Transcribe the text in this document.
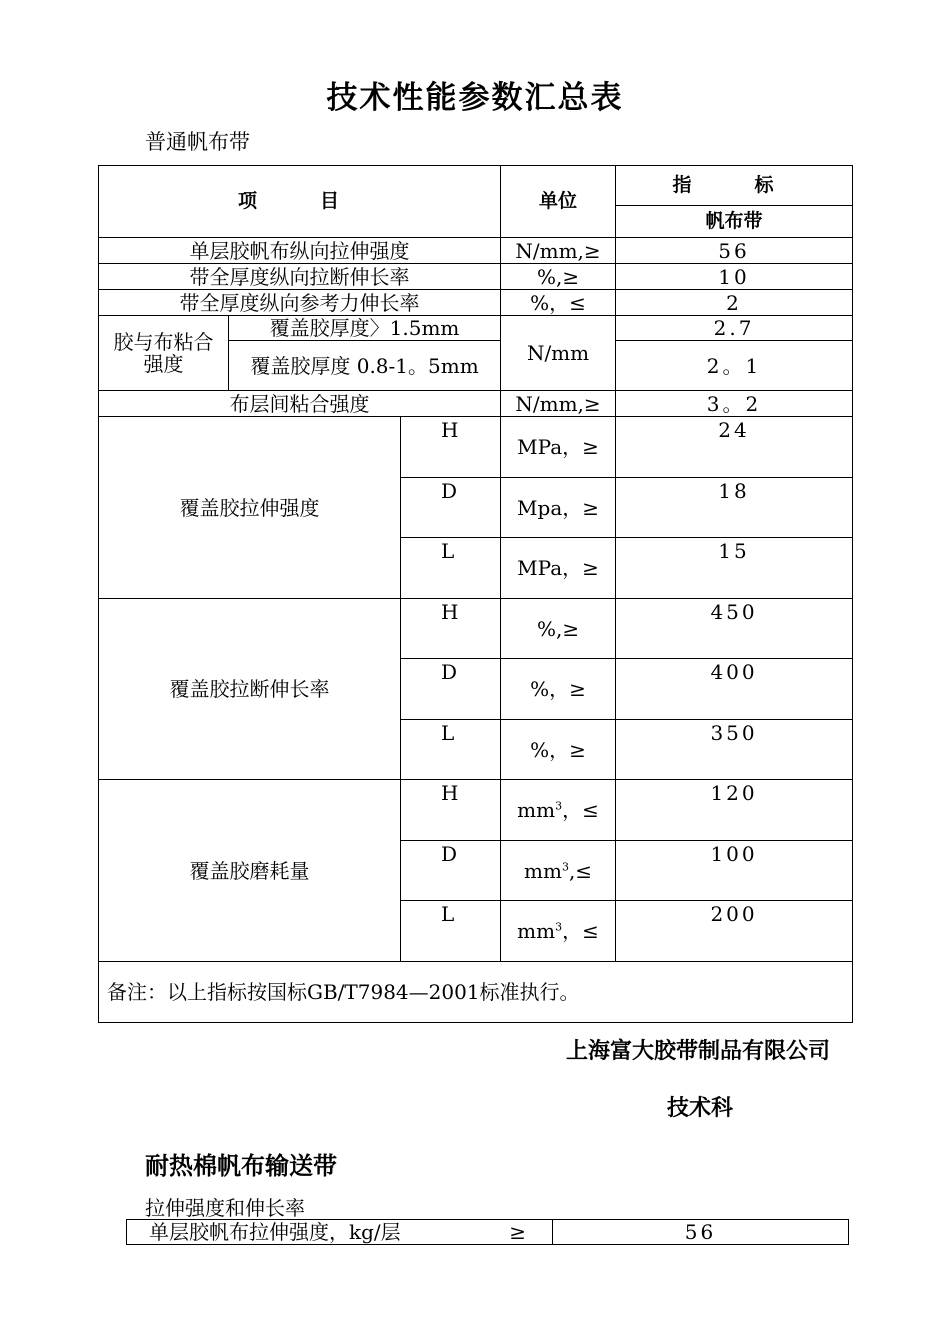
技术性能参数汇总表
普通帆布带
项　目			单位	指　标
				帆布带
单层胶帆布纵向拉伸强度			N/mm,≥	56
带全厚度纵向拉断伸长率			%,≥	10
带全厚度纵向参考力伸长率			%，≤	2
胶与布粘合强度	覆盖胶厚度〉1.5mm		N/mm	2.7
	覆盖胶厚度 0.8-1。5mm			2。1
布层间粘合强度			N/mm,≥	3。2
覆盖胶拉伸强度		H	MPa，≥	24
		D	Mpa，≥	18
		L	MPa，≥	15
覆盖胶拉断伸长率		H	%,≥	450
		D	%，≥	400
		L	%，≥	350
覆盖胶磨耗量		H	$mm^3$，≤	120
		D	$mm^3,\le$	100
		L	$mm^3$，≤	200
备注：以上指标按国标GB/T7984—2001标准执行。				
上海富大胶带制品有限公司
技术科
耐热棉帆布输送带
拉伸强度和伸长率
单层胶帆布拉伸强度，kg/层	≥	56
